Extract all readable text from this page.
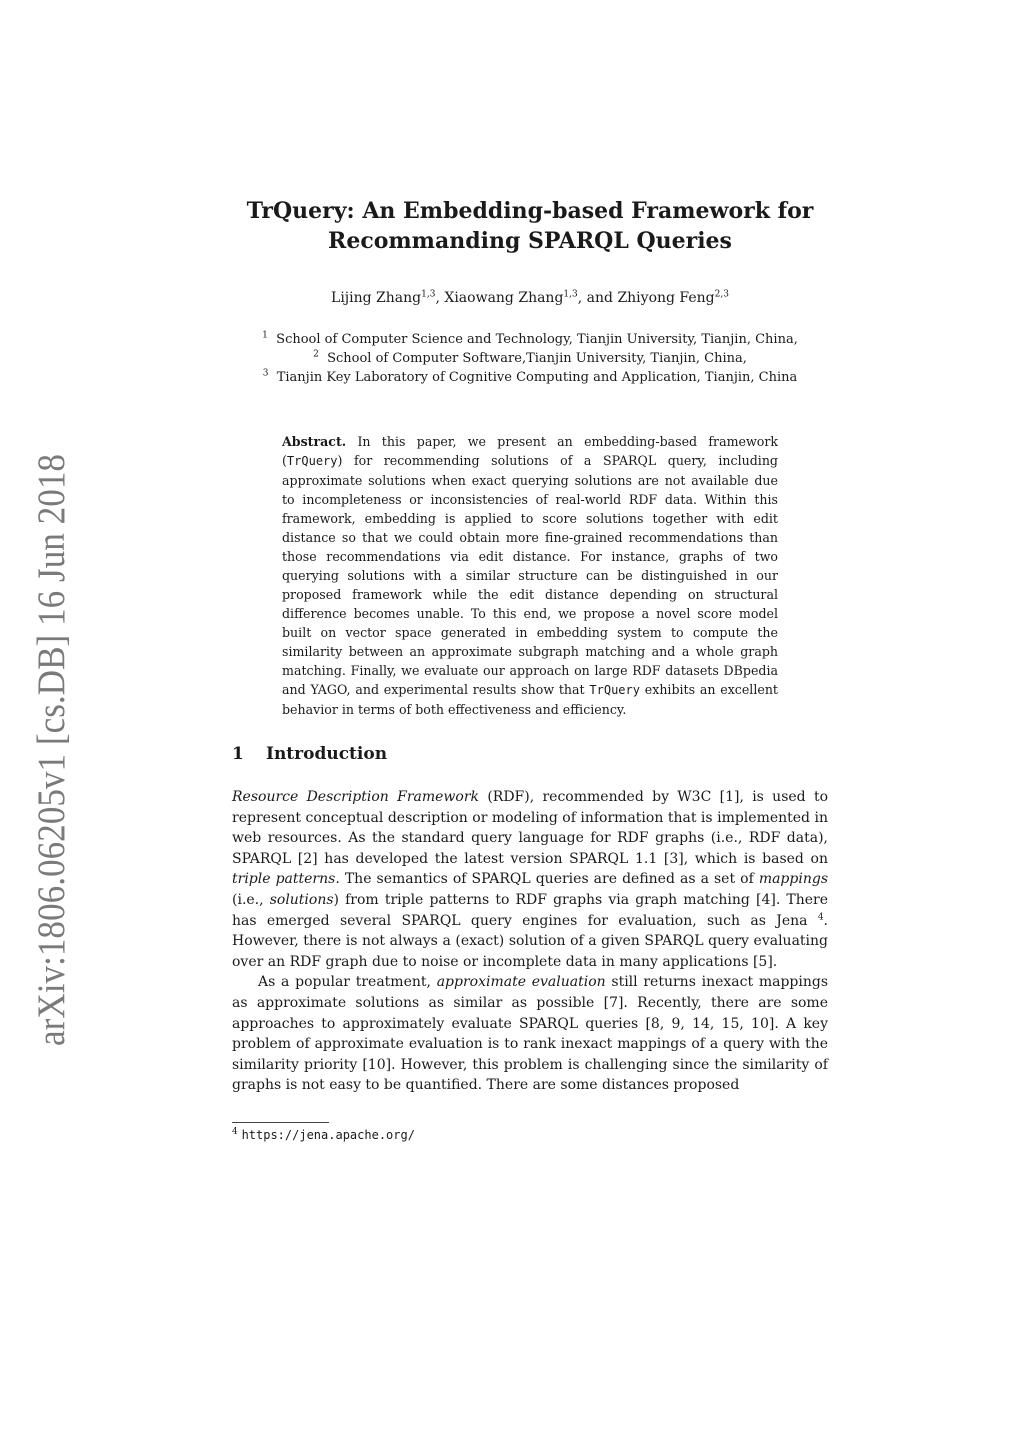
arXiv:1806.06205v1 [cs.DB] 16 Jun 2018
TrQuery: An Embedding-based Framework for
Recommanding SPARQL Queries
Lijing Zhang$^{1,3}$, Xiaowang Zhang$^{1,3}$, and Zhiyong Feng$^{2,3}$
$^1$ School of Computer Science and Technology, Tianjin University, Tianjin, China,
$^2$ School of Computer Software,Tianjin University, Tianjin, China,
$^3$ Tianjin Key Laboratory of Cognitive Computing and Application, Tianjin, China
Abstract. In this paper, we present an embedding-based framework (TrQuery) for recommending solutions of a SPARQL query, including approximate solutions when exact querying solutions are not available due to incompleteness or inconsistencies of real-world RDF data. Within this framework, embedding is applied to score solutions together with edit distance so that we could obtain more fine-grained recommendations than those recommendations via edit distance. For instance, graphs of two querying solutions with a similar structure can be distinguished in our proposed framework while the edit distance depending on structural difference becomes unable. To this end, we propose a novel score model built on vector space generated in embedding system to compute the similarity between an approximate subgraph matching and a whole graph matching. Finally, we evaluate our approach on large RDF datasets DBpedia and YAGO, and experimental results show that TrQuery exhibits an excellent behavior in terms of both effectiveness and efficiency.
1 Introduction

Resource Description Framework (RDF), recommended by W3C [1], is used to represent conceptual description or modeling of information that is implemented in web resources. As the standard query language for RDF graphs (i.e., RDF data), SPARQL [2] has developed the latest version SPARQL 1.1 [3], which is based on triple patterns. The semantics of SPARQL queries are defined as a set of mappings (i.e., solutions) from triple patterns to RDF graphs via graph matching [4]. There has emerged several SPARQL query engines for evaluation, such as Jena $^4$. However, there is not always a (exact) solution of a given SPARQL query evaluating over an RDF graph due to noise or incomplete data in many applications [5].

As a popular treatment, approximate evaluation still returns inexact mappings as approximate solutions as similar as possible [7]. Recently, there are some approaches to approximately evaluate SPARQL queries [8, 9, 14, 15, 10]. A key problem of approximate evaluation is to rank inexact mappings of a query with the similarity priority [10]. However, this problem is challenging since the similarity of graphs is not easy to be quantified. There are some distances proposed

$^4$ https://jena.apache.org/
